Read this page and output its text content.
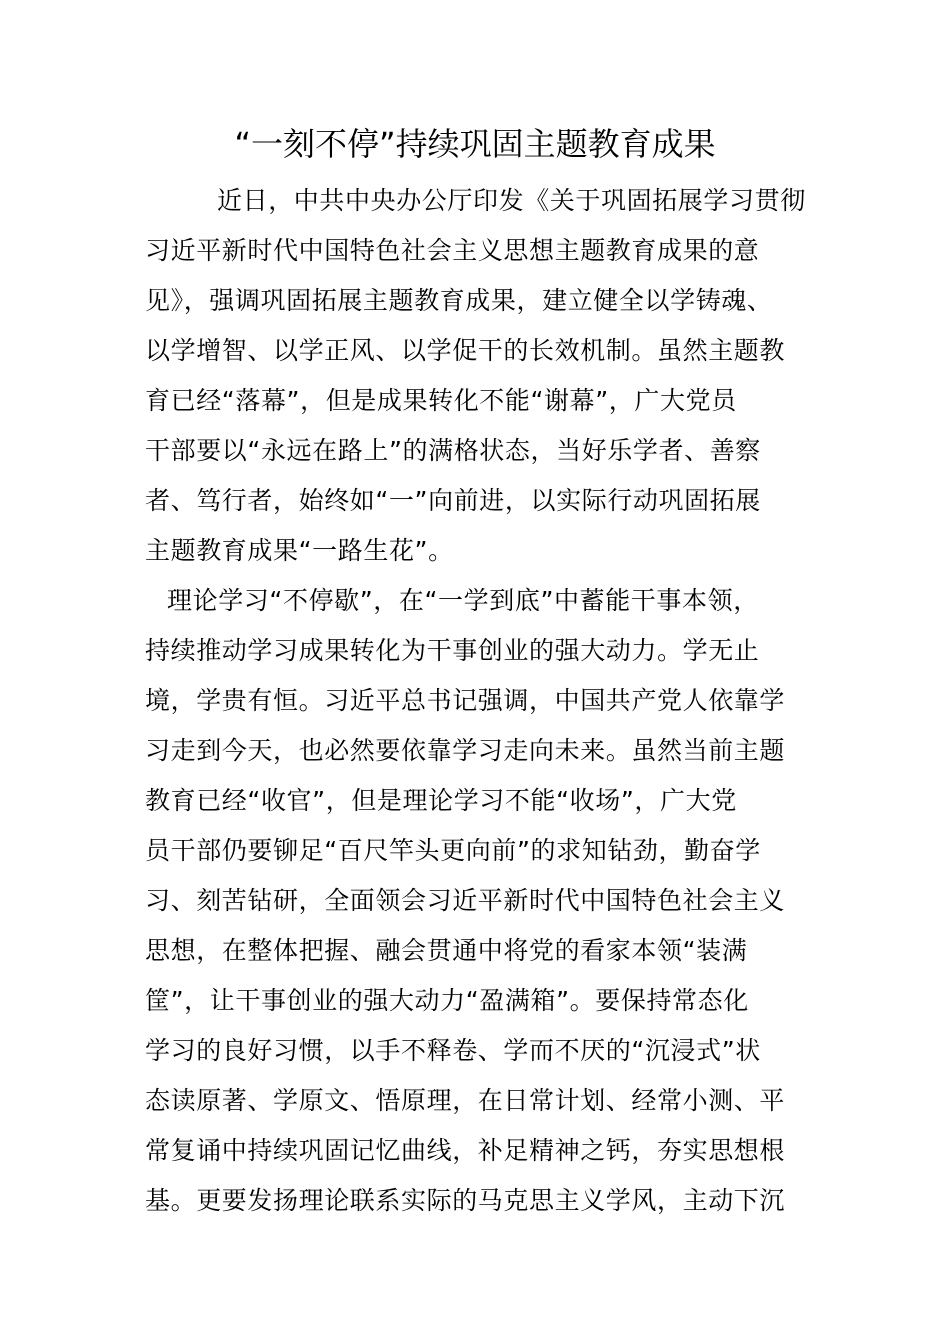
“一刻不停”持续巩固主题教育成果
近日，中共中央办公厅印发《关于巩固拓展学习贯彻
习近平新时代中国特色社会主义思想主题教育成果的意
见》，强调巩固拓展主题教育成果，建立健全以学铸魂、
以学增智、以学正风、以学促干的长效机制。虽然主题教
育已经“落幕”，但是成果转化不能“谢幕”，广大党员
干部要以“永远在路上”的满格状态，当好乐学者、善察
者、笃行者，始终如“一”向前进，以实际行动巩固拓展
主题教育成果“一路生花”。
理论学习“不停歇”，在“一学到底”中蓄能干事本领，
持续推动学习成果转化为干事创业的强大动力。学无止
境，学贵有恒。习近平总书记强调，中国共产党人依靠学
习走到今天，也必然要依靠学习走向未来。虽然当前主题
教育已经“收官”，但是理论学习不能“收场”，广大党
员干部仍要铆足“百尺竿头更向前”的求知钻劲，勤奋学
习、刻苦钻研，全面领会习近平新时代中国特色社会主义
思想，在整体把握、融会贯通中将党的看家本领“装满
筐”，让干事创业的强大动力“盈满箱”。要保持常态化
学习的良好习惯，以手不释卷、学而不厌的“沉浸式”状
态读原著、学原文、悟原理，在日常计划、经常小测、平
常复诵中持续巩固记忆曲线，补足精神之钙，夯实思想根
基。更要发扬理论联系实际的马克思主义学风，主动下沉
